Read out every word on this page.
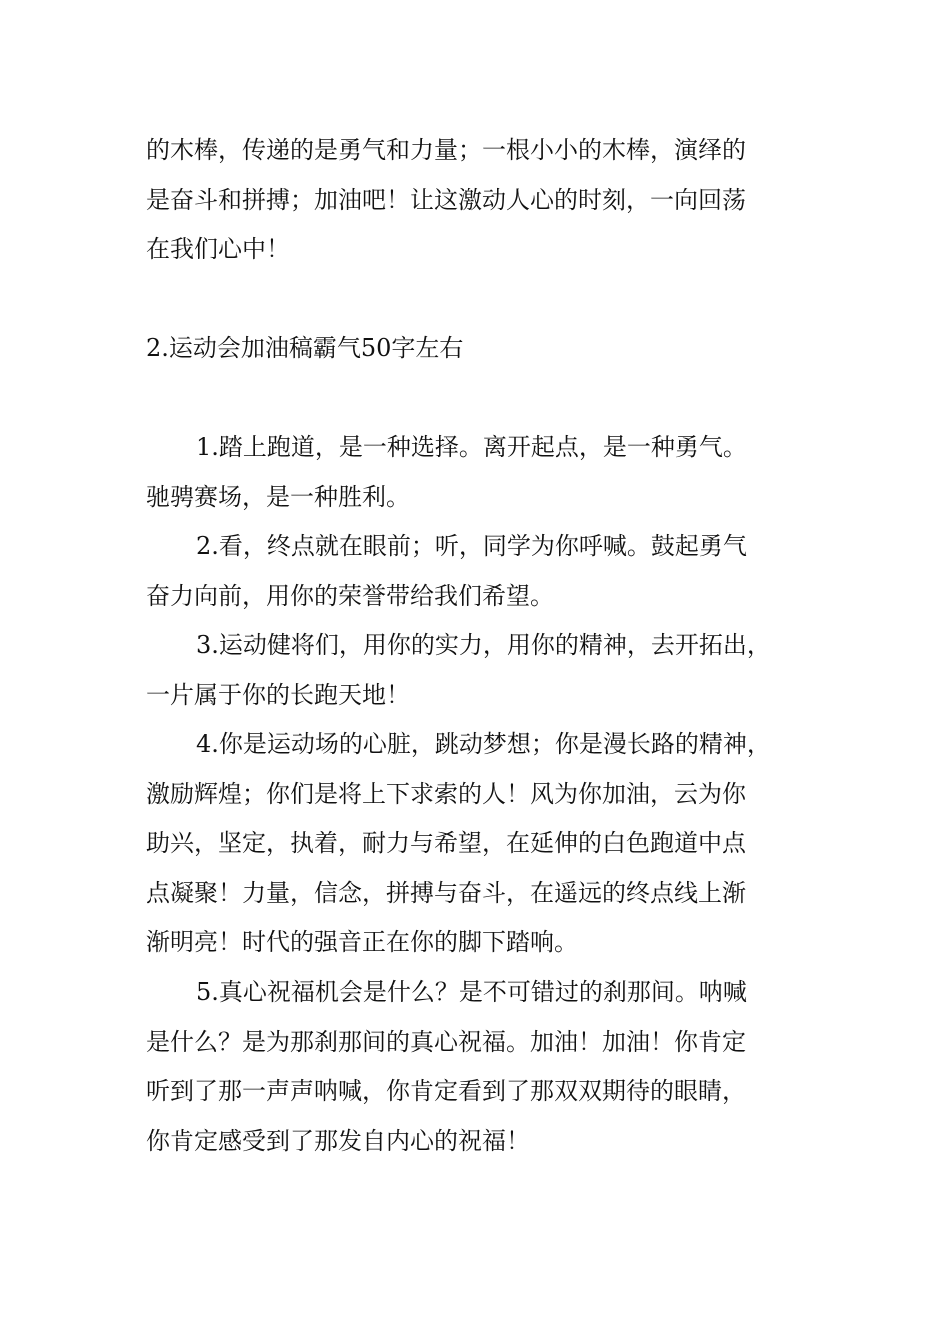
的木棒，传递的是勇气和力量；一根小小的木棒，演绎的
是奋斗和拼搏；加油吧！让这激动人心的时刻，一向回荡
在我们心中！
2.运动会加油稿霸气50字左右
1.踏上跑道，是一种选择。离开起点，是一种勇气。
驰骋赛场，是一种胜利。
2.看，终点就在眼前；听，同学为你呼喊。鼓起勇气
奋力向前，用你的荣誉带给我们希望。
3.运动健将们，用你的实力，用你的精神，去开拓出，
一片属于你的长跑天地！
4.你是运动场的心脏，跳动梦想；你是漫长路的精神，
激励辉煌；你们是将上下求索的人！风为你加油，云为你
助兴，坚定，执着，耐力与希望，在延伸的白色跑道中点
点凝聚！力量，信念，拼搏与奋斗，在遥远的终点线上渐
渐明亮！时代的强音正在你的脚下踏响。
5.真心祝福机会是什么？是不可错过的刹那间。呐喊
是什么？是为那刹那间的真心祝福。加油！加油！你肯定
听到了那一声声呐喊，你肯定看到了那双双期待的眼睛，
你肯定感受到了那发自内心的祝福！
